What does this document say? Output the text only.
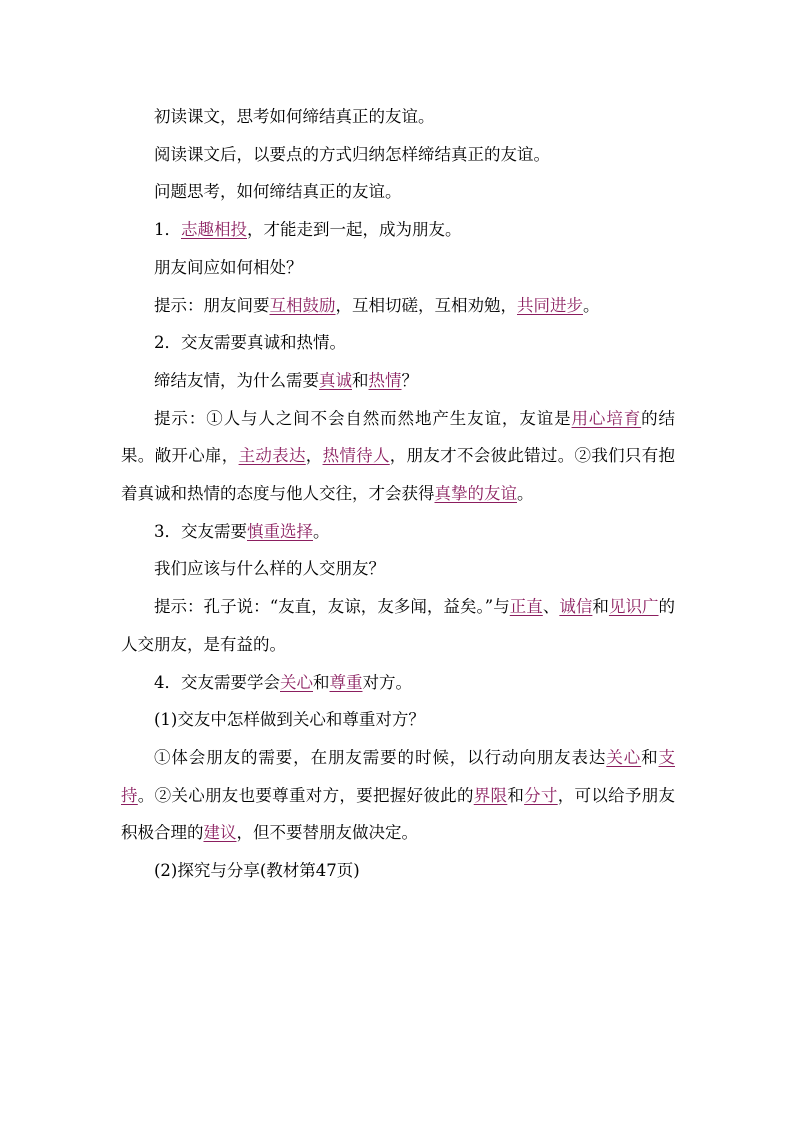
初读课文，思考如何缔结真正的友谊。

阅读课文后，以要点的方式归纳怎样缔结真正的友谊。

问题思考，如何缔结真正的友谊。

1．志趣相投，才能走到一起，成为朋友。

朋友间应如何相处？

提示：朋友间要互相鼓励，互相切磋，互相劝勉，共同进步。

2．交友需要真诚和热情。

缔结友情，为什么需要真诚和热情？

提示：①人与人之间不会自然而然地产生友谊，友谊是用心培育的结果。敞开心扉，主动表达，热情待人，朋友才不会彼此错过。②我们只有抱着真诚和热情的态度与他人交往，才会获得真挚的友谊。

3．交友需要慎重选择。

我们应该与什么样的人交朋友？

提示：孔子说：“友直，友谅，友多闻，益矣。”与正直、诚信和见识广的人交朋友，是有益的。

4．交友需要学会关心和尊重对方。

(1)交友中怎样做到关心和尊重对方？

①体会朋友的需要，在朋友需要的时候，以行动向朋友表达关心和支持。②关心朋友也要尊重对方，要把握好彼此的界限和分寸，可以给予朋友积极合理的建议，但不要替朋友做决定。

(2)探究与分享(教材第47页)
